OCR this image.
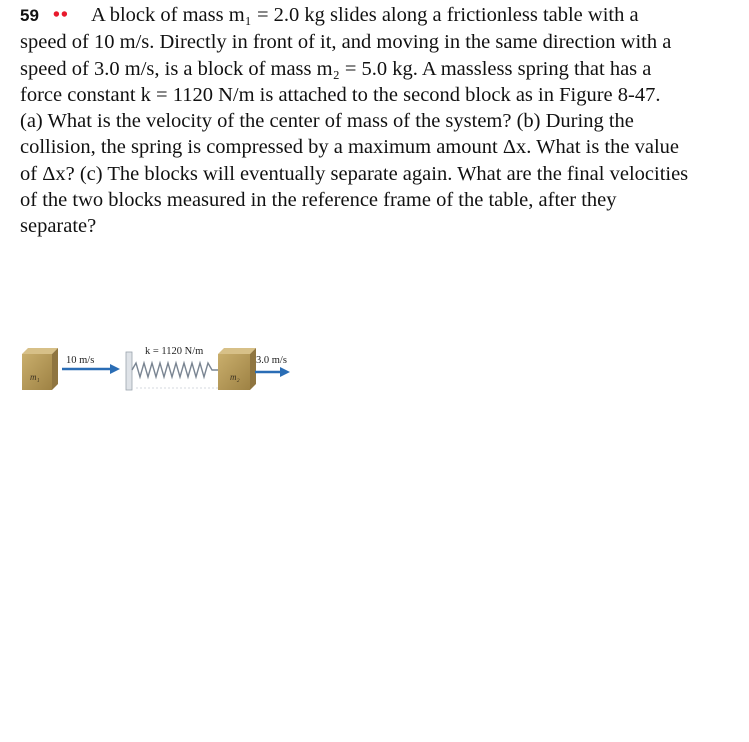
59 •• A block of mass m₁ = 2.0 kg slides along a frictionless table with a
speed of 10 m/s. Directly in front of it, and moving in the same direction with a
speed of 3.0 m/s, is a block of mass m₂ = 5.0 kg. A massless spring that has a
force constant k = 1120 N/m is attached to the second block as in Figure 8-47.
(a) What is the velocity of the center of mass of the system? (b) During the
collision, the spring is compressed by a maximum amount Δx. What is the value
of Δx? (c) The blocks will eventually separate again. What are the final velocities
of the two blocks measured in the reference frame of the table, after they
separate?
m₁
10 m/s
k = 1120 N/m
m₂
3.0 m/s
